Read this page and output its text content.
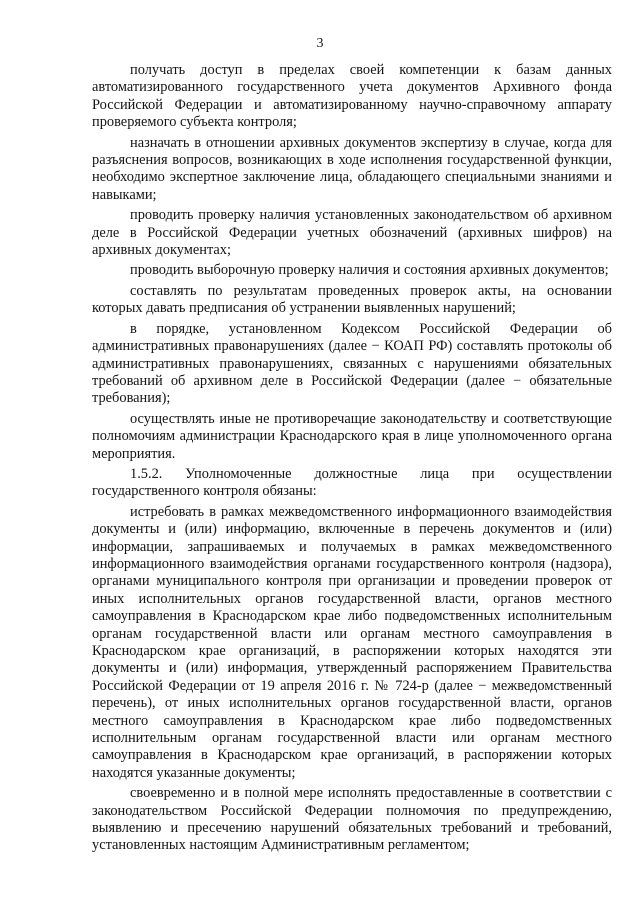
3

получать доступ в пределах своей компетенции к базам данных автоматизированного государственного учета документов Архивного фонда Российской Федерации и автоматизированному научно-справочному аппарату проверяемого субъекта контроля;

назначать в отношении архивных документов экспертизу в случае, когда для разъяснения вопросов, возникающих в ходе исполнения государственной функции, необходимо экспертное заключение лица, обладающего специальными знаниями и навыками;

проводить проверку наличия установленных законодательством об архивном деле в Российской Федерации учетных обозначений (архивных шифров) на архивных документах;

проводить выборочную проверку наличия и состояния архивных документов;

составлять по результатам проведенных проверок акты, на основании которых давать предписания об устранении выявленных нарушений;

в порядке, установленном Кодексом Российской Федерации об административных правонарушениях (далее − КОАП РФ) составлять протоколы об административных правонарушениях, связанных с нарушениями обязательных требований об архивном деле в Российской Федерации (далее − обязательные требования);

осуществлять иные не противоречащие законодательству и соответствующие полномочиям администрации Краснодарского края в лице уполномоченного органа мероприятия.

1.5.2. Уполномоченные должностные лица при осуществлении государственного контроля обязаны:

истребовать в рамках межведомственного информационного взаимодействия документы и (или) информацию, включенные в перечень документов и (или) информации, запрашиваемых и получаемых в рамках межведомственного информационного взаимодействия органами государственного контроля (надзора), органами муниципального контроля при организации и проведении проверок от иных исполнительных органов государственной власти, органов местного самоуправления в Краснодарском крае либо подведомственных исполнительным органам государственной власти или органам местного самоуправления в Краснодарском крае организаций, в распоряжении которых находятся эти документы и (или) информация, утвержденный распоряжением Правительства Российской Федерации от 19 апреля 2016 г. № 724-р (далее − межведомственный перечень), от иных исполнительных органов государственной власти, органов местного самоуправления в Краснодарском крае либо подведомственных исполнительным органам государственной власти или органам местного самоуправления в Краснодарском крае организаций, в распоряжении которых находятся указанные документы;

своевременно и в полной мере исполнять предоставленные в соответствии с законодательством Российской Федерации полномочия по предупреждению, выявлению и пресечению нарушений обязательных требований и требований, установленных настоящим Административным регламентом;
